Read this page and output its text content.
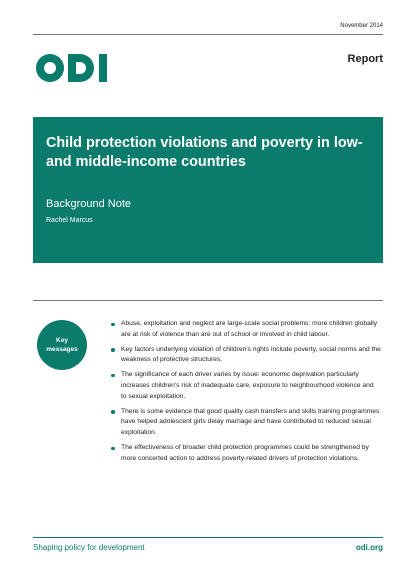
November 2014
Report
Child protection violations and poverty in low- and middle-income countries
Background Note
Rachel Marcus
Key messages
Abuse, exploitation and neglect are large-scale social problems: more children globally are at risk of violence than are out of school or involved in child labour.
Key factors underlying violation of children's rights include poverty, social norms and the weakness of protective structures.
The significance of each driver varies by issue: economic deprivation particularly increases children's risk of inadequate care, exposure to neighbourhood violence and to sexual exploitation.
There is some evidence that good quality cash transfers and skills training programmes have helped adolescent girls delay marriage and have contributed to reduced sexual exploitation.
The effectiveness of broader child protection programmes could be strengthened by more concerted action to address poverty-related drivers of protection violations.
Shaping policy for development	odi.org
